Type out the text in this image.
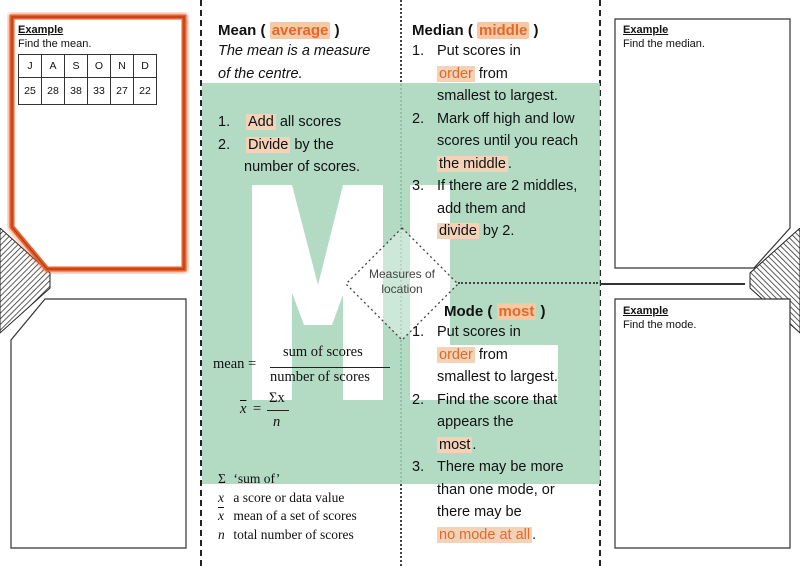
Example
Find the mean.
J	A	S	O	N	D
25	28	38	33	27	22
Example
Find the median.
Example
Find the mode.
Measures of
location
Mean ( average )
The mean is a measure
of the centre.
1. Add all scores
2. Divide by the
number of scores.
mean =
sum of scores
number of scores
$\overline{x}$ =
Σx
n
Σ ‘sum of’
x a score or data value
$\overline{x}$ mean of a set of scores
n total number of scores
Median ( middle )
1. Put scores in
order from
smallest to largest.
2. Mark off high and low
scores until you reach
the middle .
3. If there are 2 middles,
add them and
divide by 2.
Mode ( most )
1. Put scores in
order from
smallest to largest.
2. Find the score that
appears the
most .
3. There may be more
than one mode, or
there may be
no mode at all .
